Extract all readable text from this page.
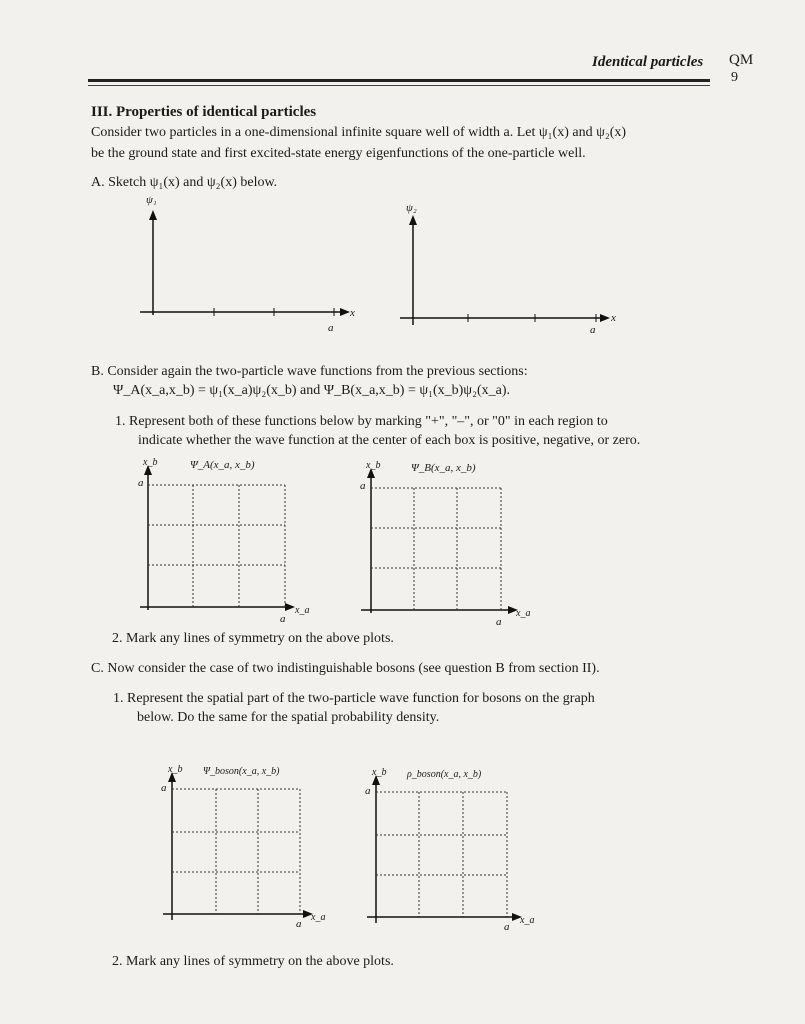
Identical particles QM
9
III. Properties of identical particles
Consider two particles in a one-dimensional infinite square well of width a. Let ψ₁(x) and ψ₂(x)
be the ground state and first excited-state energy eigenfunctions of the one-particle well.
A. Sketch ψ₁(x) and ψ₂(x) below.
ψ₁
x
a
ψ₂
x
a
B. Consider again the two-particle wave functions from the previous sections:
Ψ_A(x_a,x_b) = ψ₁(x_a)ψ₂(x_b) and Ψ_B(x_a,x_b) = ψ₁(x_b)ψ₂(x_a).
1. Represent both of these functions below by marking "+", "–", or "0" in each region to
indicate whether the wave function at the center of each box is positive, negative, or zero.
x_b	Ψ_A(x_a, x_b)
a
x_a
a
x_b	Ψ_B(x_a, x_b)
a
x_a
a
2. Mark any lines of symmetry on the above plots.
C. Now consider the case of two indistinguishable bosons (see question B from section II).
1. Represent the spatial part of the two-particle wave function for bosons on the graph
below. Do the same for the spatial probability density.
x_b Ψ_boson(x_a, x_b)
a
x_a
a
x_b ρ_boson(x_a, x_b)
a
x_a
a
2. Mark any lines of symmetry on the above plots.
